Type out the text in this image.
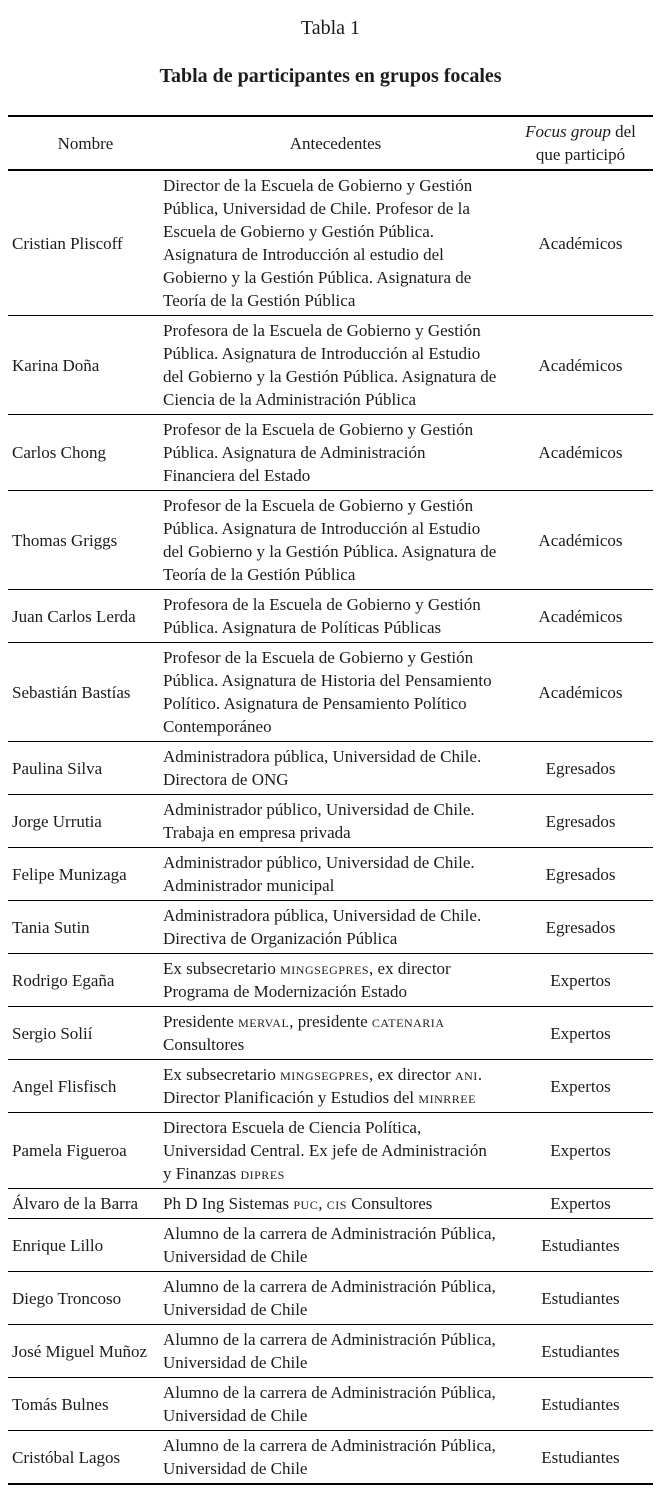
Tabla 1
Tabla de participantes en grupos focales
Nombre	Antecedentes	Focus group del
que participó

Cristian Pliscoff	Director de la Escuela de Gobierno y Gestión Pública, Universidad de Chile. Profesor de la Escuela de Gobierno y Gestión Pública. Asignatura de Introducción al estudio del Gobierno y la Gestión Pública. Asignatura de Teoría de la Gestión Pública	Académicos
Karina Doña	Profesora de la Escuela de Gobierno y Gestión Pública. Asignatura de Introducción al Estudio del Gobierno y la Gestión Pública. Asignatura de Ciencia de la Administración Pública	Académicos
Carlos Chong	Profesor de la Escuela de Gobierno y Gestión Pública. Asignatura de Administración Financiera del Estado	Académicos
Thomas Griggs	Profesor de la Escuela de Gobierno y Gestión Pública. Asignatura de Introducción al Estudio del Gobierno y la Gestión Pública. Asignatura de Teoría de la Gestión Pública	Académicos
Juan Carlos Lerda	Profesora de la Escuela de Gobierno y Gestión Pública. Asignatura de Políticas Públicas	Académicos
Sebastián Bastías	Profesor de la Escuela de Gobierno y Gestión Pública. Asignatura de Historia del Pensamiento Político. Asignatura de Pensamiento Político Contemporáneo	Académicos
Paulina Silva	Administradora pública, Universidad de Chile. Directora de ONG	Egresados
Jorge Urrutia	Administrador público, Universidad de Chile. Trabaja en empresa privada	Egresados
Felipe Munizaga	Administrador público, Universidad de Chile. Administrador municipal	Egresados
Tania Sutin	Administradora pública, Universidad de Chile. Directiva de Organización Pública	Egresados
Rodrigo Egaña	Ex subsecretario mingsegpres, ex director Programa de Modernización Estado	Expertos
Sergio Solií	Presidente merval, presidente catenaria Consultores	Expertos
Angel Flisfisch	Ex subsecretario mingsegpres, ex director ani. Director Planificación y Estudios del minrree	Expertos
Pamela Figueroa	Directora Escuela de Ciencia Política, Universidad Central. Ex jefe de Administración y Finanzas dipres	Expertos
Álvaro de la Barra	Ph D Ing Sistemas puc, cis Consultores	Expertos
Enrique Lillo	Alumno de la carrera de Administración Pública, Universidad de Chile	Estudiantes
Diego Troncoso	Alumno de la carrera de Administración Pública, Universidad de Chile	Estudiantes
José Miguel Muñoz	Alumno de la carrera de Administración Pública, Universidad de Chile	Estudiantes
Tomás Bulnes	Alumno de la carrera de Administración Pública, Universidad de Chile	Estudiantes
Cristóbal Lagos	Alumno de la carrera de Administración Pública, Universidad de Chile	Estudiantes
